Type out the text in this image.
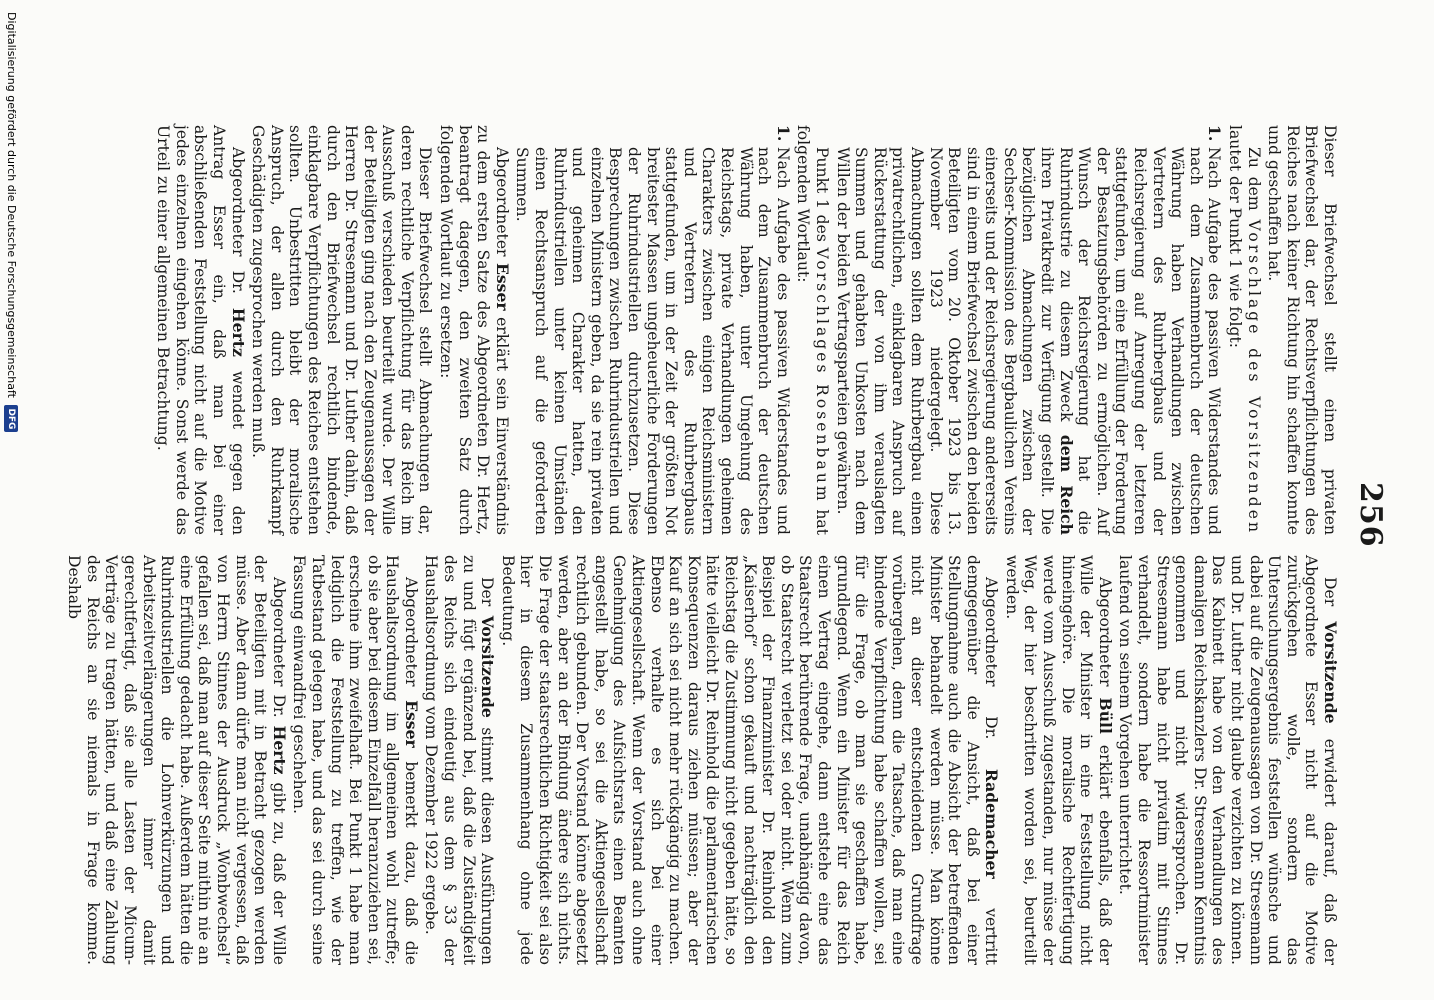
256

Dieser Briefwechsel stellt einen privaten Briefwechsel dar, der Rechtsverpflichtungen des Reiches nach keiner Richtung hin schaffen konnte und geschaffen hat.

Zu dem Vorschlage des Vorsitzenden lautet der Punkt 1 wie folgt:

1.Nach Aufgabe des passiven Widerstandes und nach dem Zusammenbruch der deutschen Währung haben Verhandlungen zwischen Vertretern des Ruhrbergbaus und der Reichsregierung auf Anregung der letzteren stattgefunden, um eine Erfüllung der Forderung der Besatzungsbehörden zu ermöglichen. Auf Wunsch der Reichsregierung hat die Ruhrindustrie zu diesem Zweck dem Reich ihren Privatkredit zur Verfügung gestellt. Die bezüglichen Abmachungen zwischen der Sechser-Kommission des Bergbaulichen Vereins einerseits und der Reichsregierung andererseits sind in einem Briefwechsel zwischen den beiden Beteiligten vom 20. Oktober 1923 bis 13. November 1923 niedergelegt. Diese Abmachungen sollten dem Ruhrbergbau einen privatrechtlichen, einklagbaren Anspruch auf Rückerstattung der von ihm verauslagten Summen und gehabten Unkosten nach dem Willen der beiden Vertragsparteien gewähren.

Punkt 1 des Vorschlages Rosenbaum hat folgenden Wortlaut:

1.Nach Aufgabe des passiven Widerstandes und nach dem Zusammenbruch der deutschen Währung haben, unter Umgehung des Reichstags, private Verhandlungen geheimen Charakters zwischen einigen Reichsministern und Vertretern des Ruhrbergbaus stattgefunden, um in der Zeit der größten Not breitester Massen ungeheuerliche Forderungen der Ruhrindustriellen durchzusetzen. Diese Besprechungen zwischen Ruhrindustriellen und einzelnen Ministern geben, da sie rein privaten und geheimen Charakter hatten, den Ruhrindustriellen unter keinen Umständen einen Rechtsanspruch auf die geforderten Summen.

Abgeordneter Esser erklärt sein Einverständnis zu dem ersten Satze des Abgeordneten Dr. Hertz, beantragt dagegen, den zweiten Satz durch folgenden Wortlaut zu ersetzen:

Dieser Briefwechsel stellt Abmachungen dar, deren rechtliche Verpflichtung für das Reich im Ausschuß verschieden beurteilt wurde. Der Wille der Beteiligten ging nach den Zeugenaussagen der Herren Dr. Stresemann und Dr. Luther dahin, daß durch den Briefwechsel rechtlich bindende, einklagbare Verpflichtungen des Reiches entstehen sollten. Unbestritten bleibt der moralische Anspruch, der allen durch den Ruhrkampf Geschädigten zugesprochen werden muß.

Abgeordneter Dr. Hertz wendet gegen den Antrag Esser ein, daß man bei einer abschließenden Feststellung nicht auf die Motive jedes einzelnen eingehen könne. Sonst werde das Urteil zu einer allgemeinen Betrachtung.

Der Vorsitzende erwidert darauf, daß der Abgeordnete Esser nicht auf die Motive zurückgehen wolle, sondern das Untersuchungsergebnis feststellen wünsche und dabei auf die Zeugenaussagen von Dr. Stresemann und Dr. Luther nicht glaube verzichten zu können. Das Kabinett habe von den Verhandlungen des damaligen Reichskanzlers Dr. Stresemann Kenntnis genommen und nicht widersprochen. Dr. Stresemann habe nicht privatim mit Stinnes verhandelt, sondern habe die Ressortminister laufend von seinem Vorgehen unterrichtet.

Abgeordneter Büll erklärt ebenfalls, daß der Wille der Minister in eine Feststellung nicht hineingehöre. Die moralische Rechtfertigung werde vom Ausschuß zugestanden, nur müsse der Weg, der hier beschritten worden sei, beurteilt werden.

Abgeordneter Dr. Rademacher vertritt demgegenüber die Ansicht, daß bei einer Stellungnahme auch die Absicht der betreffenden Minister behandelt werden müsse. Man könne nicht an dieser entscheidenden Grundfrage vorübergehen, denn die Tatsache, daß man eine bindende Verpflichtung habe schaffen wollen, sei für die Frage, ob man sie geschaffen habe, grundlegend. Wenn ein Minister für das Reich einen Vertrag eingehe, dann entstehe eine das Staatsrecht berührende Frage, unabhängig davon, ob Staatsrecht verletzt sei oder nicht. Wenn zum Beispiel der Finanzminister Dr. Reinhold den „Kaiserhof“ schon gekauft und nachträglich den Reichstag die Zustimmung nicht gegeben hätte, so hätte vielleicht Dr. Reinhold die parlamentarischen Konsequenzen daraus ziehen müssen; aber der Kauf an sich sei nicht mehr rückgängig zu machen. Ebenso verhalte es sich bei einer Aktiengesellschaft. Wenn der Vorstand auch ohne Genehmigung des Aufsichtsrats einen Beamten angestellt habe, so sei die Aktiengesellschaft rechtlich gebunden. Der Vorstand könne abgesetzt werden, aber an der Bindung ändere sich nichts. Die Frage der staatsrechtlichen Richtigkeit sei also hier in diesem Zusammenhang ohne jede Bedeutung.

Der Vorsitzende stimmt diesen Ausführungen zu und fügt ergänzend bei, daß die Zuständigkeit des Reichs sich eindeutig aus dem § 33 der Haushaltsordnung vom Dezember 1922 ergebe.

Abgeordneter Esser bemerkt dazu, daß die Haushaltsordnung im allgemeinen wohl zutreffe; ob sie aber bei diesem Einzelfall heranzuziehen sei, erscheine ihm zweifelhaft. Bei Punkt 1 habe man lediglich die Feststellung zu treffen, wie der Tatbestand gelegen habe, und das sei durch seine Fassung einwandfrei geschehen.

Abgeordneter Dr. Hertz gibt zu, daß der Wille der Beteiligten mit in Betracht gezogen werden müsse. Aber dann dürfe man nicht vergessen, daß von Herrn Stinnes der Ausdruck „Wonbwechsel“ gefallen sei, daß man auf dieser Seite mithin nie an eine Erfüllung gedacht habe. Außerdem hätten die Ruhrindustriellen die Lohnverkürzungen und Arbeitszeitverlängerungen immer damit gerechtfertigt, daß sie alle Lasten der Micum-Verträge zu tragen hätten, und daß eine Zahlung des Reichs an sie niemals in Frage komme. Deshalb

Digitalisierung gefördert durch die Deutsche Forschungsgemeinschaft DFG
